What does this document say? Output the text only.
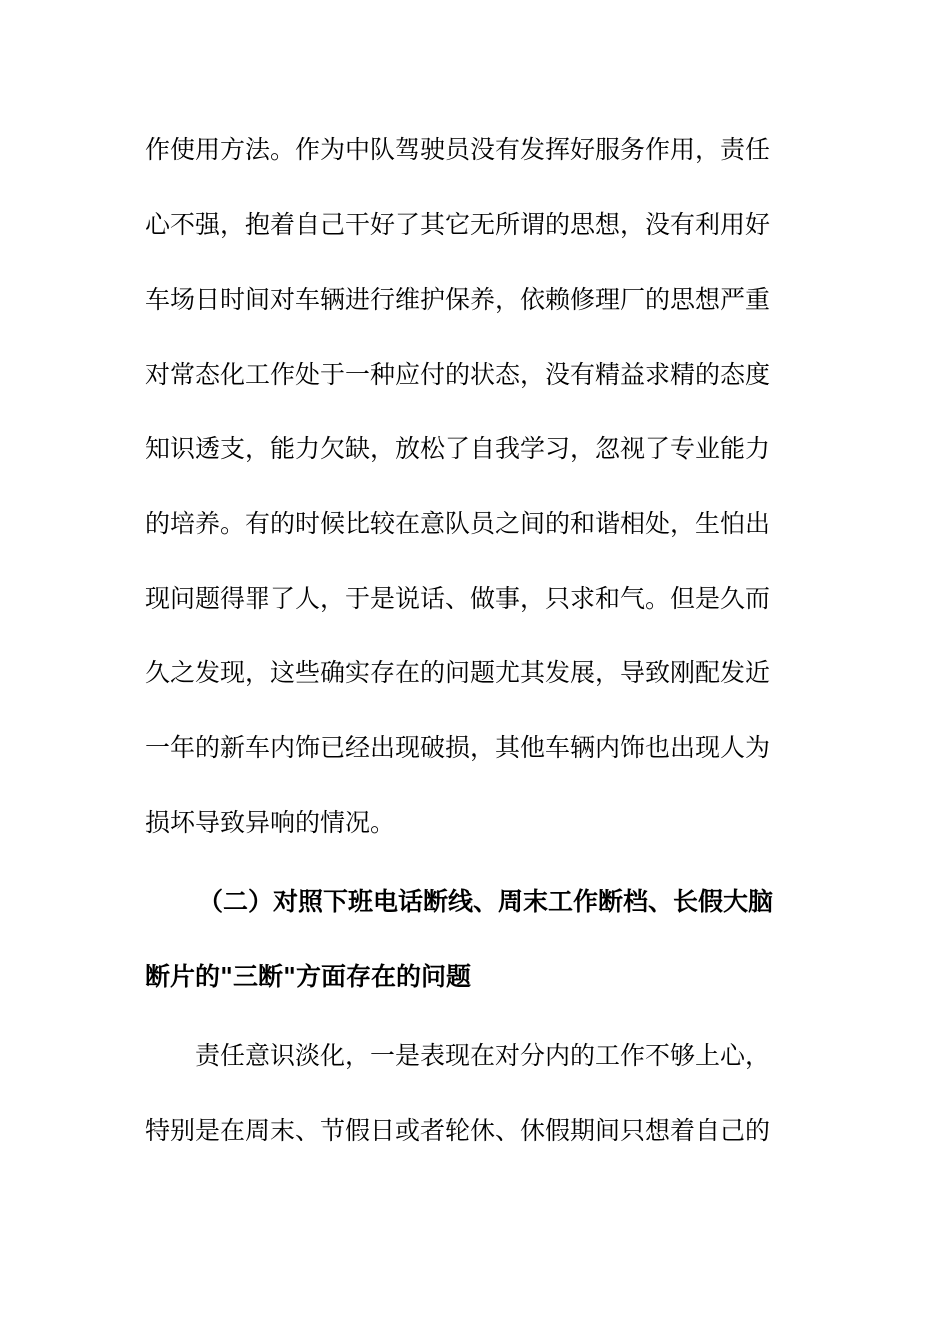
作使用方法。作为中队驾驶员没有发挥好服务作用，责任
心不强，抱着自己干好了其它无所谓的思想，没有利用好
车场日时间对车辆进行维护保养，依赖修理厂的思想严重
对常态化工作处于一种应付的状态，没有精益求精的态度
知识透支，能力欠缺，放松了自我学习，忽视了专业能力
的培养。有的时候比较在意队员之间的和谐相处，生怕出
现问题得罪了人，于是说话、做事，只求和气。但是久而
久之发现，这些确实存在的问题尤其发展，导致刚配发近
一年的新车内饰已经出现破损，其他车辆内饰也出现人为
损坏导致异响的情况。
（二）对照下班电话断线、周末工作断档、长假大脑
断片的"三断"方面存在的问题
责任意识淡化，一是表现在对分内的工作不够上心，
特别是在周末、节假日或者轮休、休假期间只想着自己的
